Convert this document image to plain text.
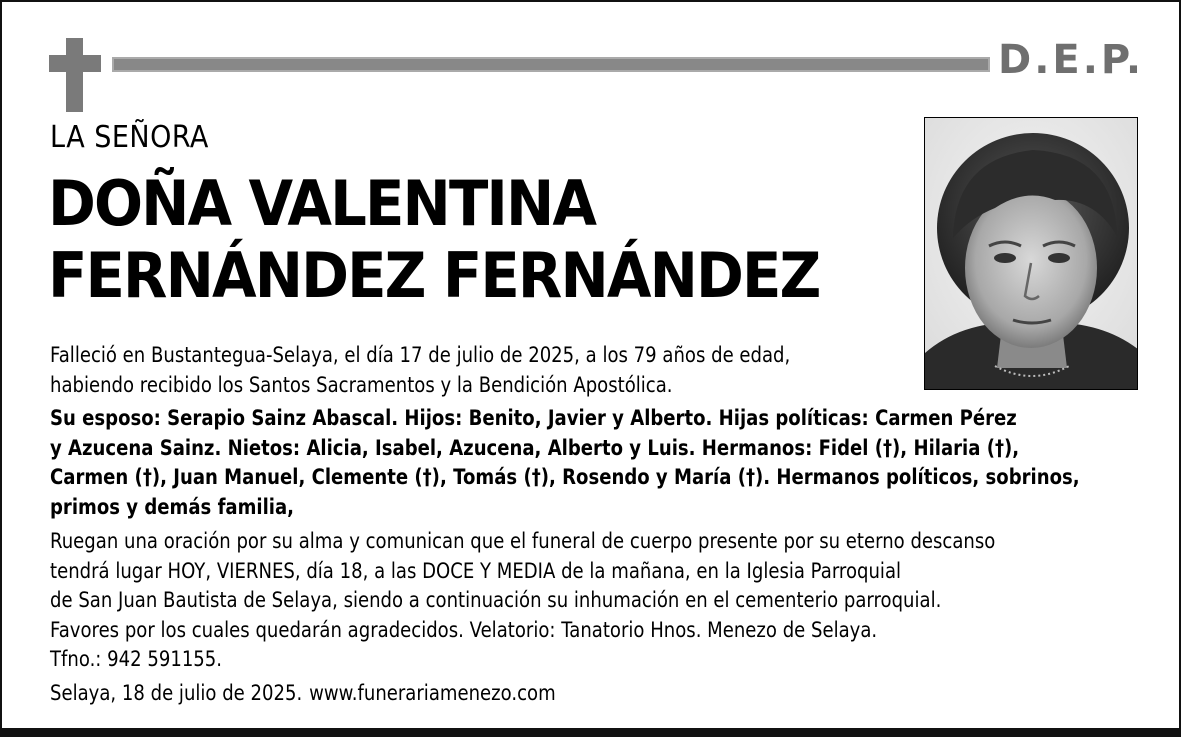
D.E.P.
LA SEÑORA
DOÑA VALENTINA
FERNÁNDEZ FERNÁNDEZ
Falleció en Bustantegua-Selaya, el día 17 de julio de 2025, a los 79 años de edad,
habiendo recibido los Santos Sacramentos y la Bendición Apostólica.
Su esposo: Serapio Sainz Abascal. Hijos: Benito, Javier y Alberto. Hijas políticas: Carmen Pérez
y Azucena Sainz. Nietos: Alicia, Isabel, Azucena, Alberto y Luis. Hermanos: Fidel (†), Hilaria (†),
Carmen (†), Juan Manuel, Clemente (†), Tomás (†), Rosendo y María (†). Hermanos políticos, sobrinos,
primos y demás familia,
Ruegan una oración por su alma y comunican que el funeral de cuerpo presente por su eterno descanso
tendrá lugar HOY, VIERNES, día 18, a las DOCE Y MEDIA de la mañana, en la Iglesia Parroquial
de San Juan Bautista de Selaya, siendo a continuación su inhumación en el cementerio parroquial.
Favores por los cuales quedarán agradecidos. Velatorio: Tanatorio Hnos. Menezo de Selaya.
Tfno.: 942 591155.
Selaya, 18 de julio de 2025. www.funerariamenezo.com
